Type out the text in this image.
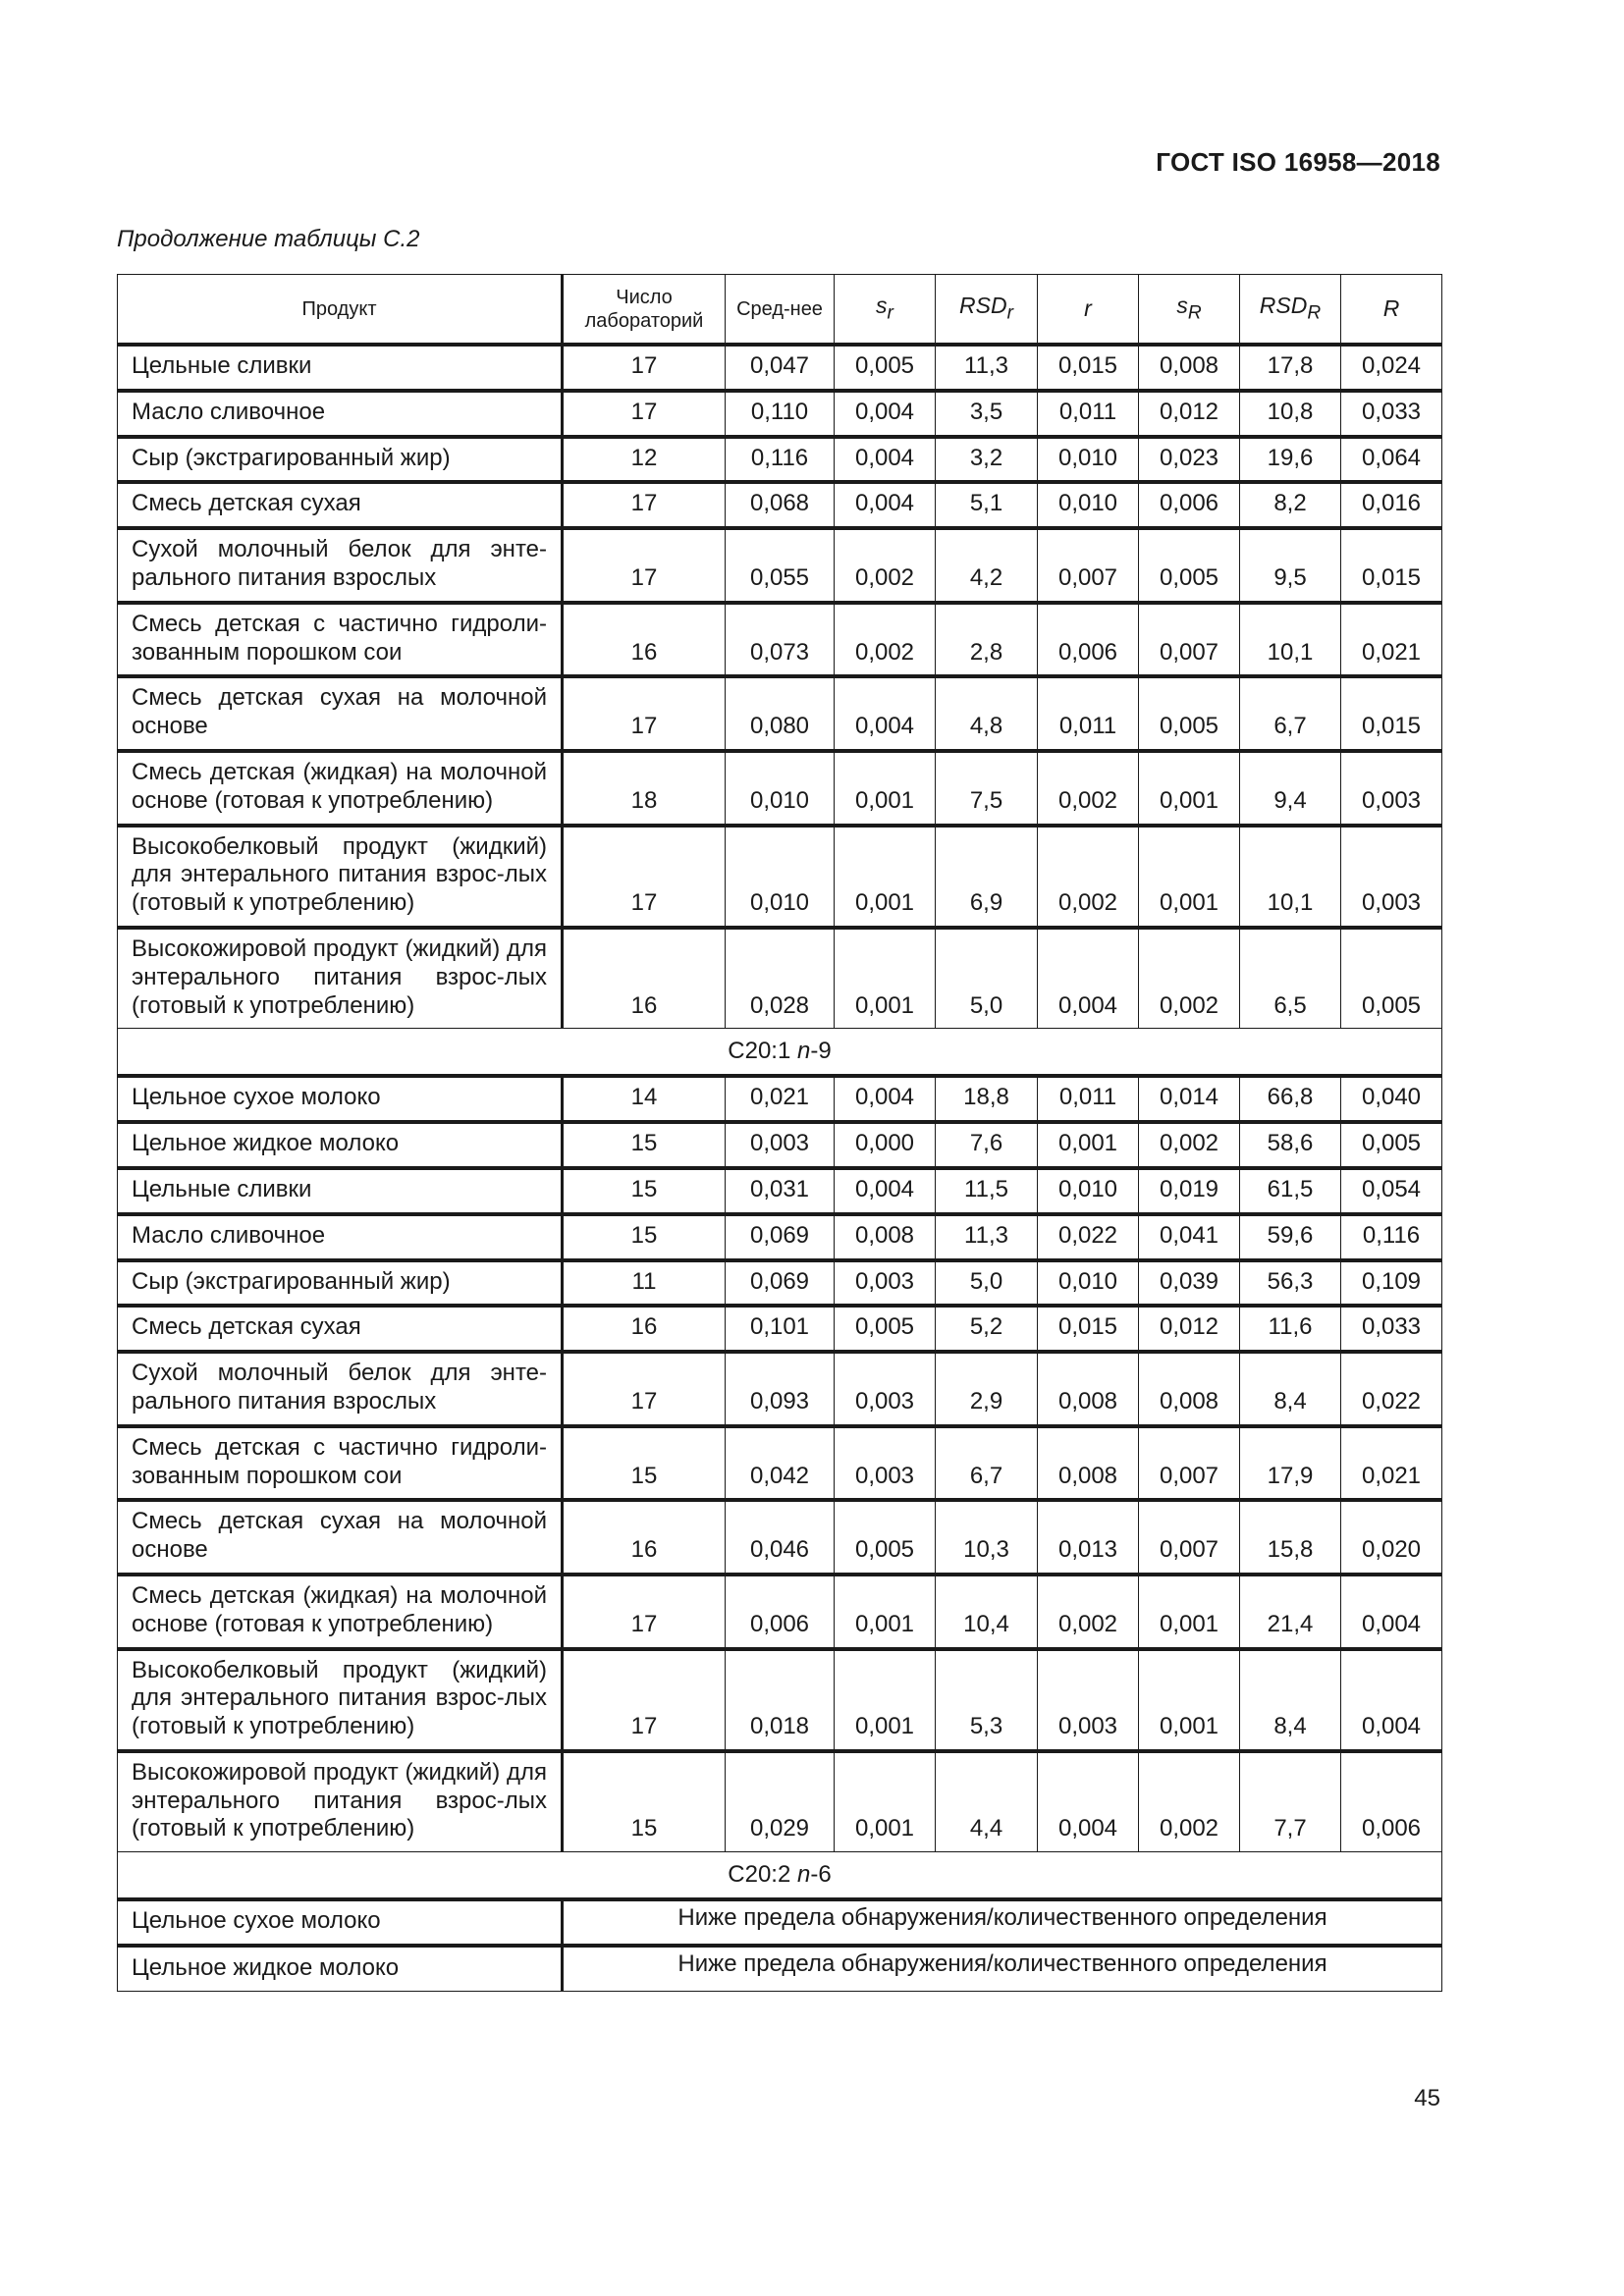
ГОСТ ISO 16958—2018
Продолжение таблицы С.2
Продукт	Число лабораторий	Сред-нее	$s_r$	$RSD_r$	r	$s_R$	$RSD_R$	R
Цельные сливки	17	0,047	0,005	11,3	0,015	0,008	17,8	0,024
Масло сливочное	17	0,110	0,004	3,5	0,011	0,012	10,8	0,033
Сыр (экстрагированный жир)	12	0,116	0,004	3,2	0,010	0,023	19,6	0,064
Смесь детская сухая	17	0,068	0,004	5,1	0,010	0,006	8,2	0,016
Сухой молочный белок для энте-рального питания взрослых	17	0,055	0,002	4,2	0,007	0,005	9,5	0,015
Смесь детская с частично гидроли-зованным порошком сои	16	0,073	0,002	2,8	0,006	0,007	10,1	0,021
Смесь детская сухая на молочной основе	17	0,080	0,004	4,8	0,011	0,005	6,7	0,015
Смесь детская (жидкая) на молочной основе (готовая к употреблению)	18	0,010	0,001	7,5	0,002	0,001	9,4	0,003
Высокобелковый продукт (жидкий) для энтерального питания взрос-лых (готовый к употреблению)	17	0,010	0,001	6,9	0,002	0,001	10,1	0,003
Высокожировой продукт (жидкий) для энтерального питания взрос-лых (готовый к употреблению)	16	0,028	0,001	5,0	0,004	0,002	6,5	0,005
C20:1 n-9								
Цельное сухое молоко	14	0,021	0,004	18,8	0,011	0,014	66,8	0,040
Цельное жидкое молоко	15	0,003	0,000	7,6	0,001	0,002	58,6	0,005
Цельные сливки	15	0,031	0,004	11,5	0,010	0,019	61,5	0,054
Масло сливочное	15	0,069	0,008	11,3	0,022	0,041	59,6	0,116
Сыр (экстрагированный жир)	11	0,069	0,003	5,0	0,010	0,039	56,3	0,109
Смесь детская сухая	16	0,101	0,005	5,2	0,015	0,012	11,6	0,033
Сухой молочный белок для энте-рального питания взрослых	17	0,093	0,003	2,9	0,008	0,008	8,4	0,022
Смесь детская с частично гидроли-зованным порошком сои	15	0,042	0,003	6,7	0,008	0,007	17,9	0,021
Смесь детская сухая на молочной основе	16	0,046	0,005	10,3	0,013	0,007	15,8	0,020
Смесь детская (жидкая) на молочной основе (готовая к употреблению)	17	0,006	0,001	10,4	0,002	0,001	21,4	0,004
Высокобелковый продукт (жидкий) для энтерального питания взрос-лых (готовый к употреблению)	17	0,018	0,001	5,3	0,003	0,001	8,4	0,004
Высокожировой продукт (жидкий) для энтерального питания взрос-лых (готовый к употреблению)	15	0,029	0,001	4,4	0,004	0,002	7,7	0,006
C20:2 n-6								
Цельное сухое молоко	Ниже предела обнаружения/количественного определения							
Цельное жидкое молоко	Ниже предела обнаружения/количественного определения							
45
